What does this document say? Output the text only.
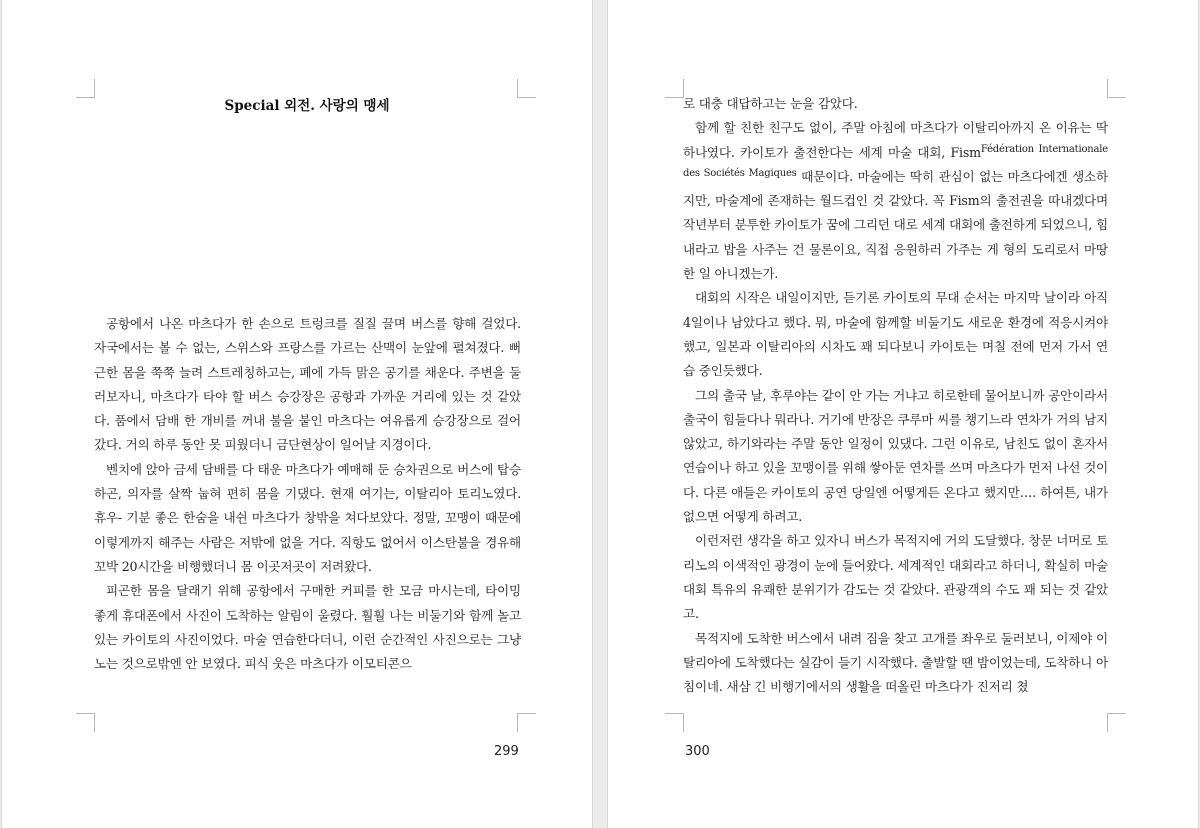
Special 외전. 사랑의 맹세

공항에서 나온 마츠다가 한 손으로 트렁크를 질질 끌며 버스를 향해 걸었다. 자국에서는 볼 수 없는, 스위스와 프랑스를 가르는 산맥이 눈앞에 펼쳐졌다. 뻐근한 몸을 쭉쭉 늘려 스트레칭하고는, 폐에 가득 맑은 공기를 채운다. 주변을 둘러보자니, 마츠다가 타야 할 버스 승강장은 공항과 가까운 거리에 있는 것 같았다. 품에서 담배 한 개비를 꺼내 불을 붙인 마츠다는 여유롭게 승강장으로 걸어갔다. 거의 하루 동안 못 피웠더니 금단현상이 일어날 지경이다.

벤치에 앉아 금세 담배를 다 태운 마츠다가 예매해 둔 승차권으로 버스에 탑승하곤, 의자를 살짝 눕혀 편히 몸을 기댔다. 현재 여기는, 이탈리아 토리노였다. 휴우- 기분 좋은 한숨을 내쉰 마츠다가 창밖을 쳐다보았다. 정말, 꼬맹이 때문에 이렇게까지 해주는 사람은 저밖에 없을 거다. 직항도 없어서 이스탄불을 경유해 꼬박 20시간을 비행했더니 몸 이곳저곳이 저려왔다.

피곤한 몸을 달래기 위해 공항에서 구매한 커피를 한 모금 마시는데, 타이밍 좋게 휴대폰에서 사진이 도착하는 알림이 울렸다. 훨훨 나는 비둘기와 함께 놀고 있는 카이토의 사진이었다. 마술 연습한다더니, 이런 순간적인 사진으로는 그냥 노는 것으로밖엔 안 보였다. 피식 웃은 마츠다가 이모티콘으

299

로 대충 대답하고는 눈을 감았다.

함께 할 친한 친구도 없이, 주말 아침에 마츠다가 이탈리아까지 온 이유는 딱 하나였다. 카이토가 출전한다는 세계 마술 대회, Fism$^{Fédération Internationale des Sociétés Magiques}$ 때문이다. 마술에는 딱히 관심이 없는 마츠다에겐 생소하지만, 마술계에 존재하는 월드컵인 것 같았다. 꼭 Fism의 출전권을 따내겠다며 작년부터 분투한 카이토가 꿈에 그리던 대로 세계 대회에 출전하게 되었으니, 힘내라고 밥을 사주는 건 물론이요, 직접 응원하러 가주는 게 형의 도리로서 마땅한 일 아니겠는가.

대회의 시작은 내일이지만, 듣기론 카이토의 무대 순서는 마지막 날이라 아직 4일이나 남았다고 했다. 뭐, 마술에 함께할 비둘기도 새로운 환경에 적응시켜야 했고, 일본과 이탈리아의 시차도 꽤 되다보니 카이토는 며칠 전에 먼저 가서 연습 중인듯했다.

그의 출국 날, 후루야는 같이 안 가는 거냐고 히로한테 물어보니까 공안이라서 출국이 힘들다나 뭐라나. 거기에 반장은 쿠루마 씨를 챙기느라 연차가 거의 남지 않았고, 하기와라는 주말 동안 일정이 있댔다. 그런 이유로, 남친도 없이 혼자서 연습이나 하고 있을 꼬맹이를 위해 쌓아둔 연차를 쓰며 마츠다가 먼저 나선 것이다. 다른 애들은 카이토의 공연 당일엔 어떻게든 온다고 했지만…. 하여튼, 내가 없으면 어떻게 하려고.

이런저런 생각을 하고 있자니 버스가 목적지에 거의 도달했다. 창문 너머로 토리노의 이색적인 광경이 눈에 들어왔다. 세계적인 대회라고 하더니, 확실히 마술 대회 특유의 유쾌한 분위기가 감도는 것 같았다. 관광객의 수도 꽤 되는 것 같았고.

목적지에 도착한 버스에서 내려 짐을 찾고 고개를 좌우로 둘러보니, 이제야 이탈리아에 도착했다는 실감이 들기 시작했다. 출발할 땐 밤이었는데, 도착하니 아침이네. 새삼 긴 비행기에서의 생활을 떠올린 마츠다가 진저리 쳤

300
